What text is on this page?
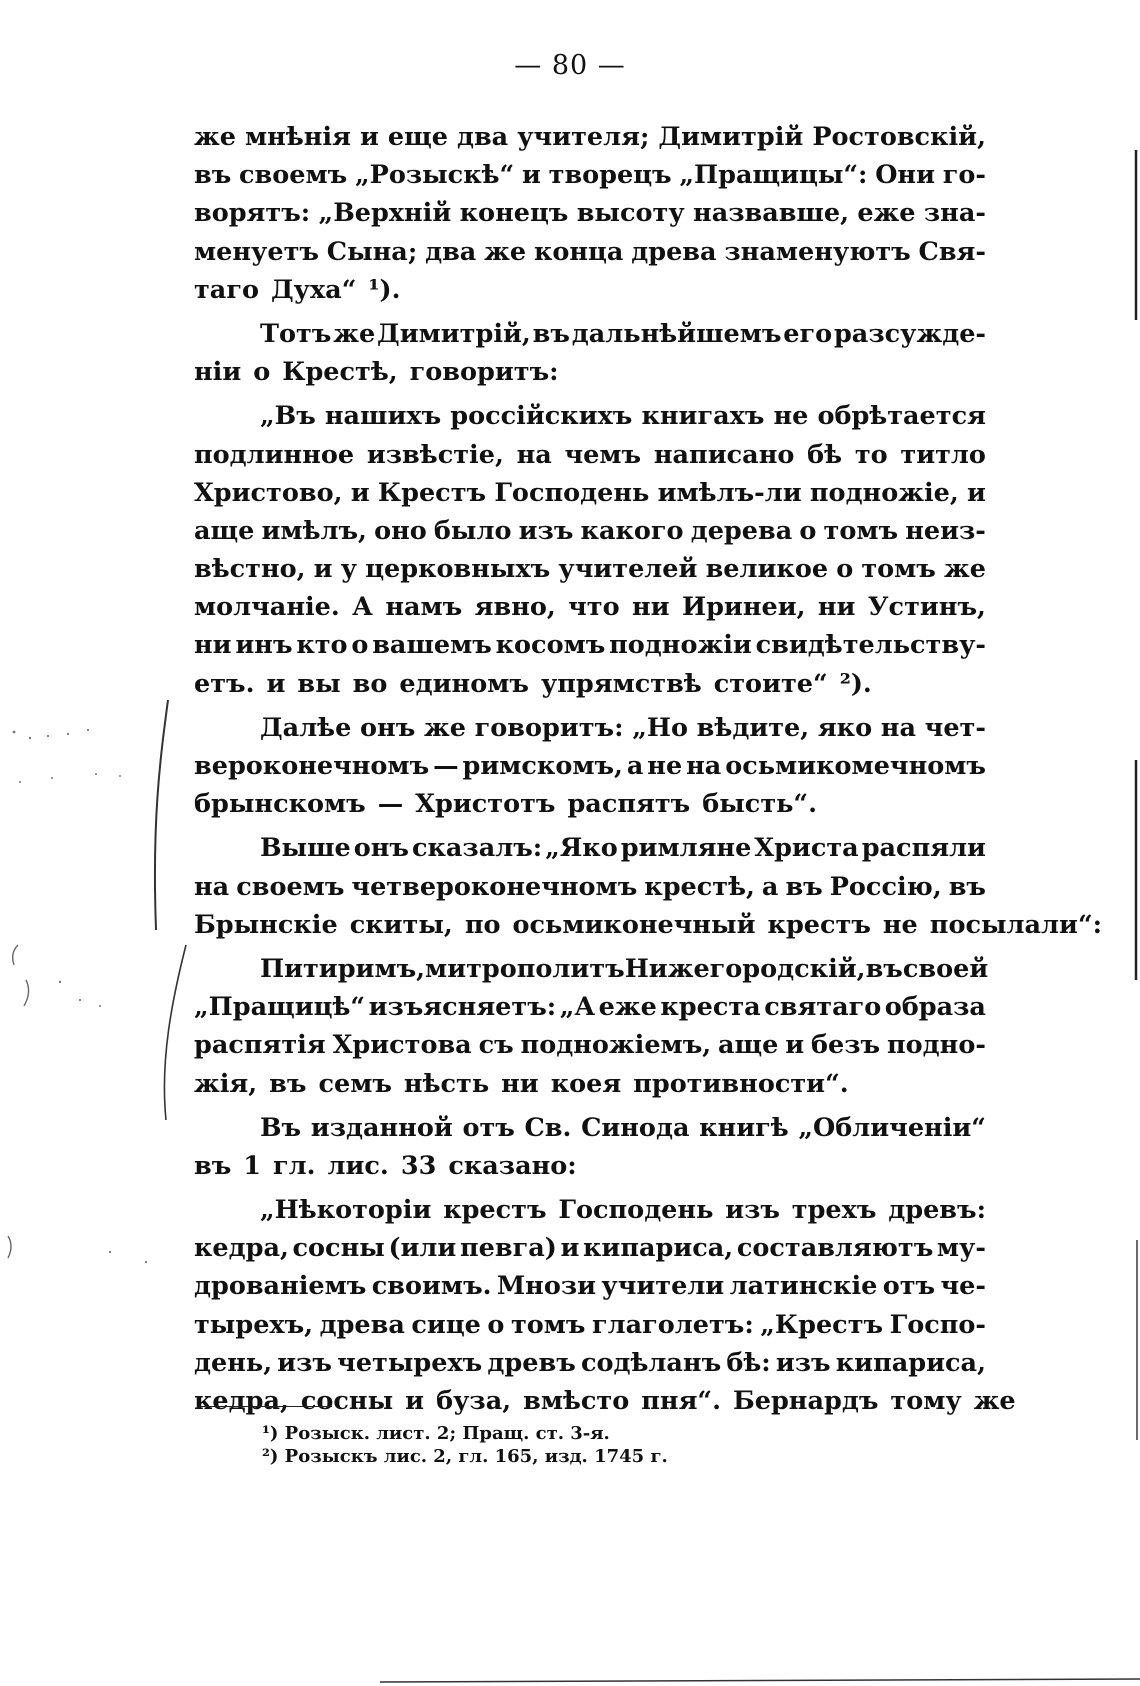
— 80 —
же мнѣнія и еще два учителя; Димитрій Ростовскій,
въ своемъ „Розыскѣ“ и творецъ „Пращицы“: Они го-
ворятъ: „Верхній конецъ высоту назвавше, еже зна-
менуетъ Сына; два же конца древа знаменуютъ Свя-
таго Духа“ ¹).
Тотъ же Димитрій, въ дальнѣйшемъ его разсужде-
ніи о Крестѣ, говоритъ:
„Въ нашихъ россійскихъ книгахъ не обрѣтается
подлинное извѣстіе, на чемъ написано бѣ то титло
Христово, и Крестъ Господень имѣлъ-ли подножіе, и
аще имѣлъ, оно было изъ какого дерева о томъ неиз-
вѣстно, и у церковныхъ учителей великое о томъ же
молчаніе. А намъ явно, что ни Иринеи, ни Устинъ,
ни инъ кто о вашемъ косомъ подножіи свидѣтельству-
етъ. и вы во единомъ упрямствѣ стоите“ ²).
Далѣе онъ же говоритъ: „Но вѣдите, яко на чет-
вероконечномъ — римскомъ, а не на осьмикомечномъ
брынскомъ — Христотъ распятъ бысть“.
Выше онъ сказалъ: „Яко римляне Христа распяли
на своемъ четвероконечномъ крестѣ, а въ Россію, въ
Брынскіе скиты, по осьмиконечный крестъ не посылали“:
Питиримъ, митрополитъ Нижегородскій, въ своей
„Пращицѣ“ изъясняетъ: „А еже креста святаго образа
распятія Христова съ подножіемъ, аще и безъ подно-
жія, въ семъ нѣсть ни коея противности“.
Въ изданной отъ Св. Синода книгѣ „Обличеніи“
въ 1 гл. лис. 33 сказано:
„Нѣкоторіи крестъ Господень изъ трехъ древъ:
кедра, сосны (или певга) и кипариса, составляютъ му-
дрованіемъ своимъ. Мнози учители латинскіе отъ че-
тырехъ, древа сице о томъ глаголетъ: „Крестъ Госпо-
день, изъ четырехъ древъ содѣланъ бѣ: изъ кипариса,
кедра, сосны и буза, вмѣсто пня“. Бернардъ тому же
¹) Розыск. лист. 2; Пращ. ст. 3-я.
²) Розыскъ лис. 2, гл. 165, изд. 1745 г.
